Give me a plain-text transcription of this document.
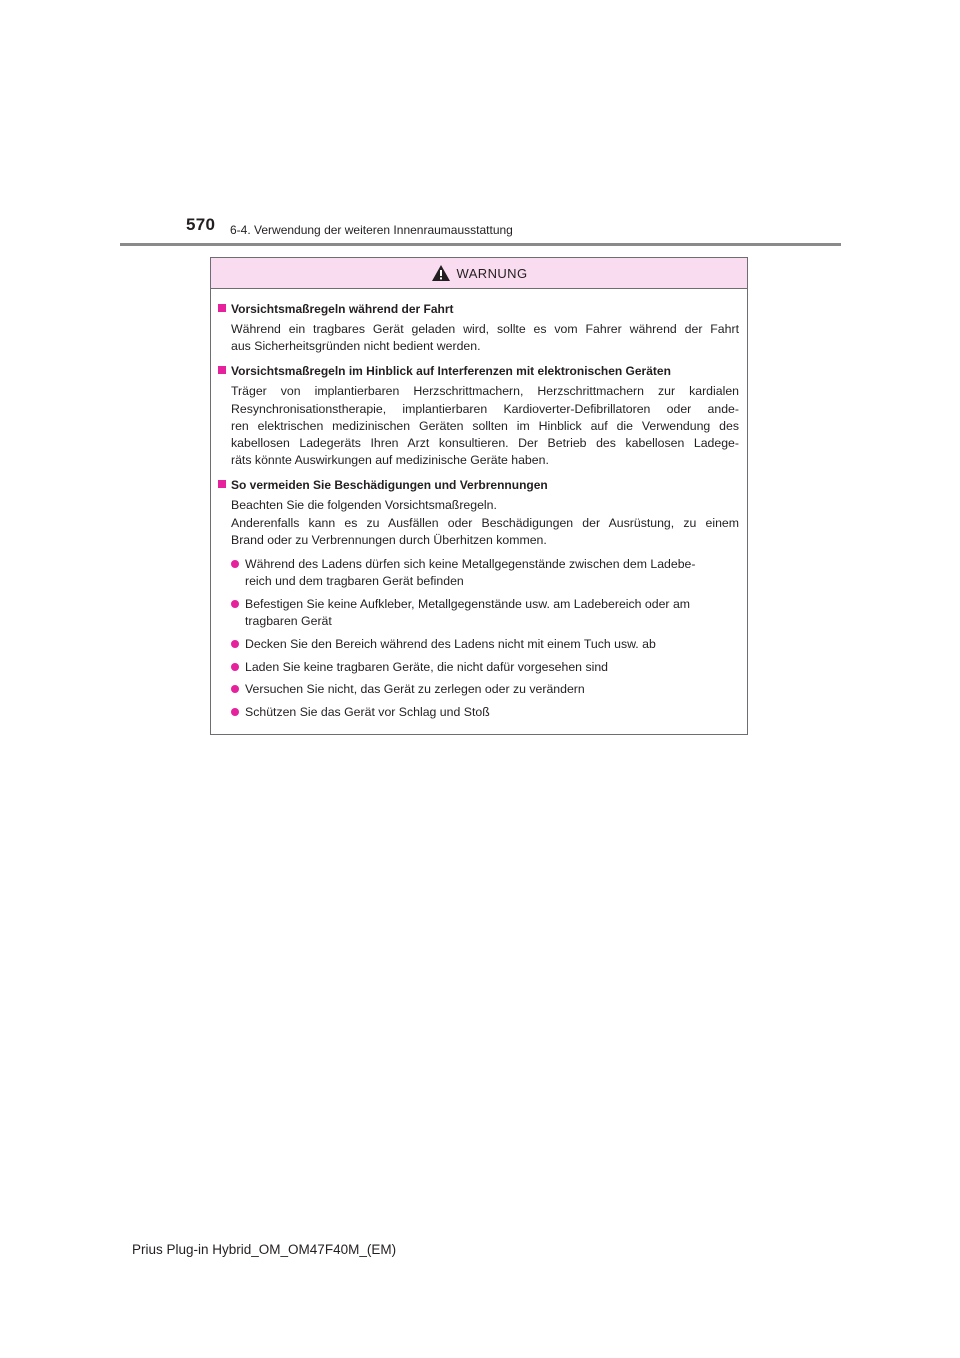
570 6-4. Verwendung der weiteren Innenraumausstattung
WARNUNG
Vorsichtsmaßregeln während der Fahrt
Während ein tragbares Gerät geladen wird, sollte es vom Fahrer während der Fahrt
aus Sicherheitsgründen nicht bedient werden.
Vorsichtsmaßregeln im Hinblick auf Interferenzen mit elektronischen Geräten
Träger von implantierbaren Herzschrittmachern, Herzschrittmachern zur kardialen
Resynchronisationstherapie, implantierbaren Kardioverter-Defibrillatoren oder ande-
ren elektrischen medizinischen Geräten sollten im Hinblick auf die Verwendung des
kabellosen Ladegeräts Ihren Arzt konsultieren. Der Betrieb des kabellosen Ladege-
räts könnte Auswirkungen auf medizinische Geräte haben.
So vermeiden Sie Beschädigungen und Verbrennungen
Beachten Sie die folgenden Vorsichtsmaßregeln.
Anderenfalls kann es zu Ausfällen oder Beschädigungen der Ausrüstung, zu einem
Brand oder zu Verbrennungen durch Überhitzen kommen.
Während des Ladens dürfen sich keine Metallgegenstände zwischen dem Ladebe-
reich und dem tragbaren Gerät befinden
Befestigen Sie keine Aufkleber, Metallgegenstände usw. am Ladebereich oder am
tragbaren Gerät
Decken Sie den Bereich während des Ladens nicht mit einem Tuch usw. ab
Laden Sie keine tragbaren Geräte, die nicht dafür vorgesehen sind
Versuchen Sie nicht, das Gerät zu zerlegen oder zu verändern
Schützen Sie das Gerät vor Schlag und Stoß
Prius Plug-in Hybrid_OM_OM47F40M_(EM)
